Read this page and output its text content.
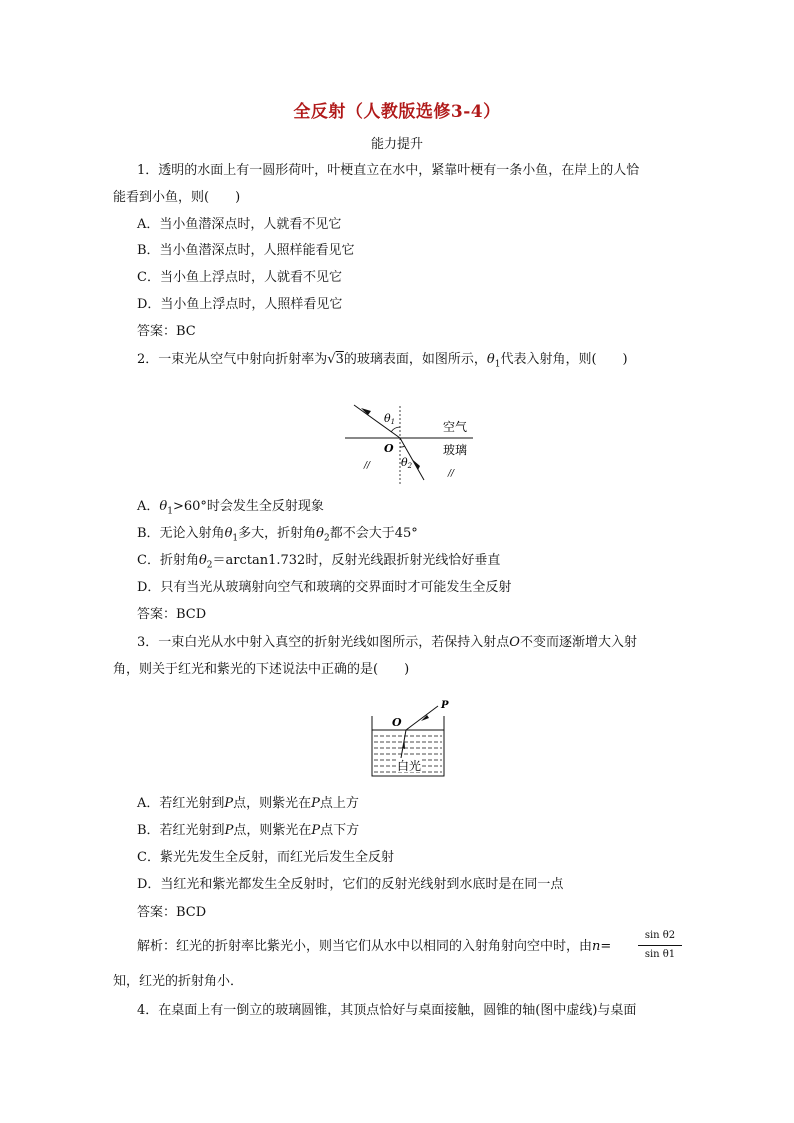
全反射（人教版选修3-4）
能力提升
1．透明的水面上有一圆形荷叶，叶梗直立在水中，紧靠叶梗有一条小鱼，在岸上的人恰
能看到小鱼，则(　　)
A．当小鱼潜深点时，人就看不见它
B．当小鱼潜深点时，人照样能看见它
C．当小鱼上浮点时，人就看不见它
D．当小鱼上浮点时，人照样看见它
答案：BC
2．一束光从空气中射向折射率为√3的玻璃表面，如图所示，$\theta_1$代表入射角，则(　　)
θ1
θ2
O
空气
玻璃
//
//
A．$\theta_1>60^\circ$时会发生全反射现象
B．无论入射角$\theta_1$多大，折射角$\theta_2$都不会大于45°
C．折射角$\theta_2=\arctan 1.732$时，反射光线跟折射光线恰好垂直
D．只有当光从玻璃射向空气和玻璃的交界面时才可能发生全反射
答案：BCD
3．一束白光从水中射入真空的折射光线如图所示，若保持入射点O不变而逐渐增大入射
角，则关于红光和紫光的下述说法中正确的是(　　)
O
P
白光
A．若红光射到P点，则紫光在P点上方
B．若红光射到P点，则紫光在P点下方
C．紫光先发生全反射，而红光后发生全反射
D．当红光和紫光都发生全反射时，它们的反射光线射到水底时是在同一点
答案：BCD
解析：红光的折射率比紫光小，则当它们从水中以相同的入射角射向空中时，由n=
sin θ2
sin θ1
知，红光的折射角小．
4．在桌面上有一倒立的玻璃圆锥，其顶点恰好与桌面接触，圆锥的轴(图中虚线)与桌面
